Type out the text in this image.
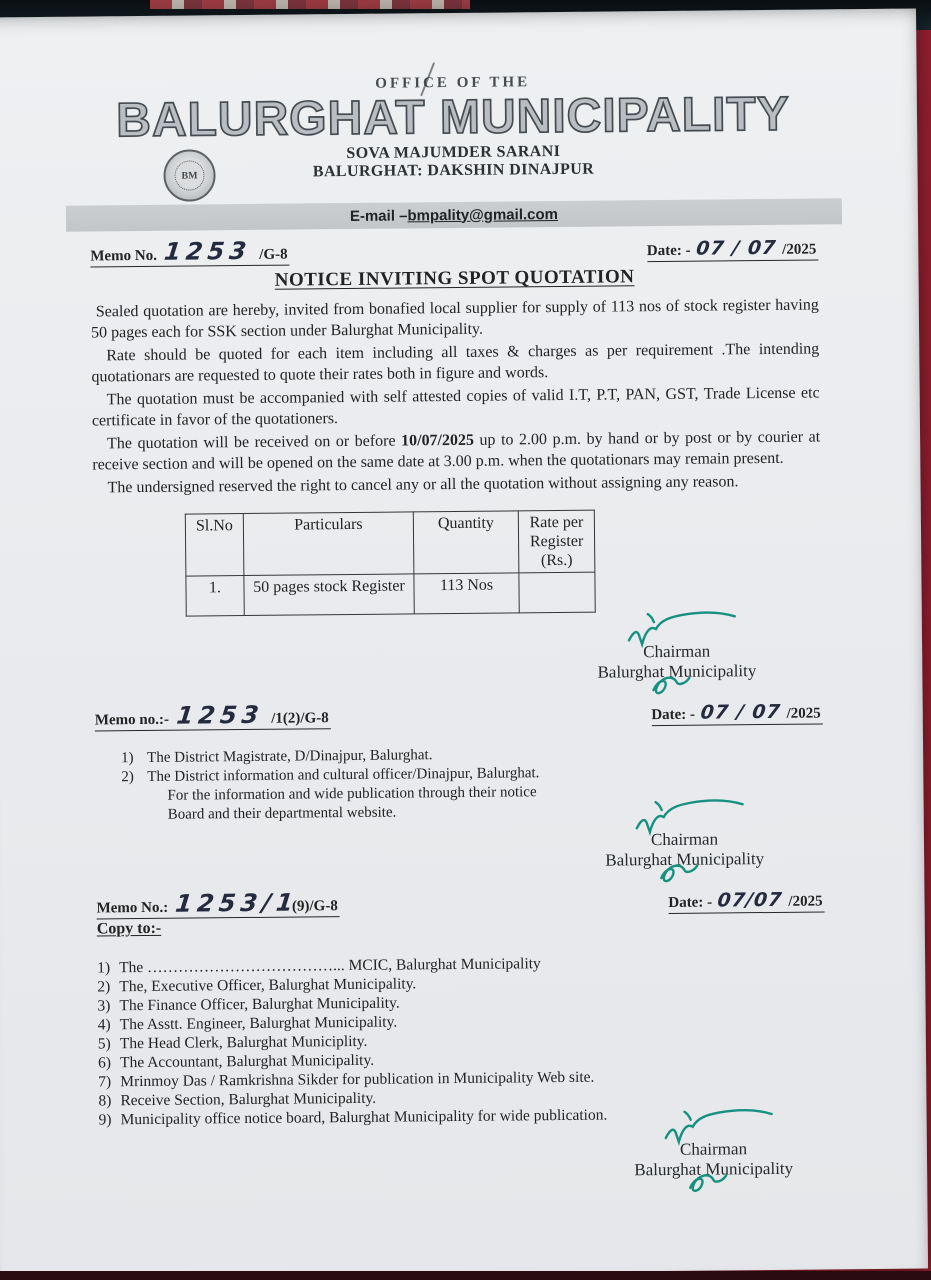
OFFICE OF THE
BALURGHAT MUNICIPALITY
SOVA MAJUMDER SARANI
BALURGHAT: DAKSHIN DINAJPUR
BM
E-mail – bmpality@gmail.com
Memo No. 1253 /G-8	Date: - 07 / 07 /2025
NOTICE INVITING SPOT QUOTATION

Sealed quotation are hereby, invited from bonafied local supplier for supply of 113 nos of stock register having 50 pages each for SSK section under Balurghat Municipality.

Rate should be quoted for each item including all taxes & charges as per requirement .The intending quotationars are requested to quote their rates both in figure and words.

The quotation must be accompanied with self attested copies of valid I.T, P.T, PAN, GST, Trade License etc certificate in favor of the quotationers.

The quotation will be received on or before 10/07/2025 up to 2.00 p.m. by hand or by post or by courier at receive section and will be opened on the same date at 3.00 p.m. when the quotationars may remain present.

The undersigned reserved the right to cancel any or all the quotation without assigning any reason.

Sl.No	Particulars	Quantity	Rate per Register (Rs.)
1.	50 pages stock Register	113 Nos	
Chairman
Balurghat Municipality
Memo no.:- 1253 /1(2)/G-8	Date: - 07 / 07 /2025
1) The District Magistrate, D/Dinajpur, Balurghat.
2) The District information and cultural officer/Dinajpur, Balurghat.
For the information and wide publication through their notice
Board and their departmental website.
Chairman
Balurghat Municipality
Memo No.: 1253/1 (9)/G-8	Date: - 07/07 /2025
Copy to:-
1) The ………………………………... MCIC, Balurghat Municipality
2) The, Executive Officer, Balurghat Municipality.
3) The Finance Officer, Balurghat Municipality.
4) The Asstt. Engineer, Balurghat Municipality.
5) The Head Clerk, Balurghat Municiplity.
6) The Accountant, Balurghat Municipality.
7) Mrinmoy Das / Ramkrishna Sikder for publication in Municipality Web site.
8) Receive Section, Balurghat Municipality.
9) Municipality office notice board, Balurghat Municipality for wide publication.
Chairman
Balurghat Municipality
